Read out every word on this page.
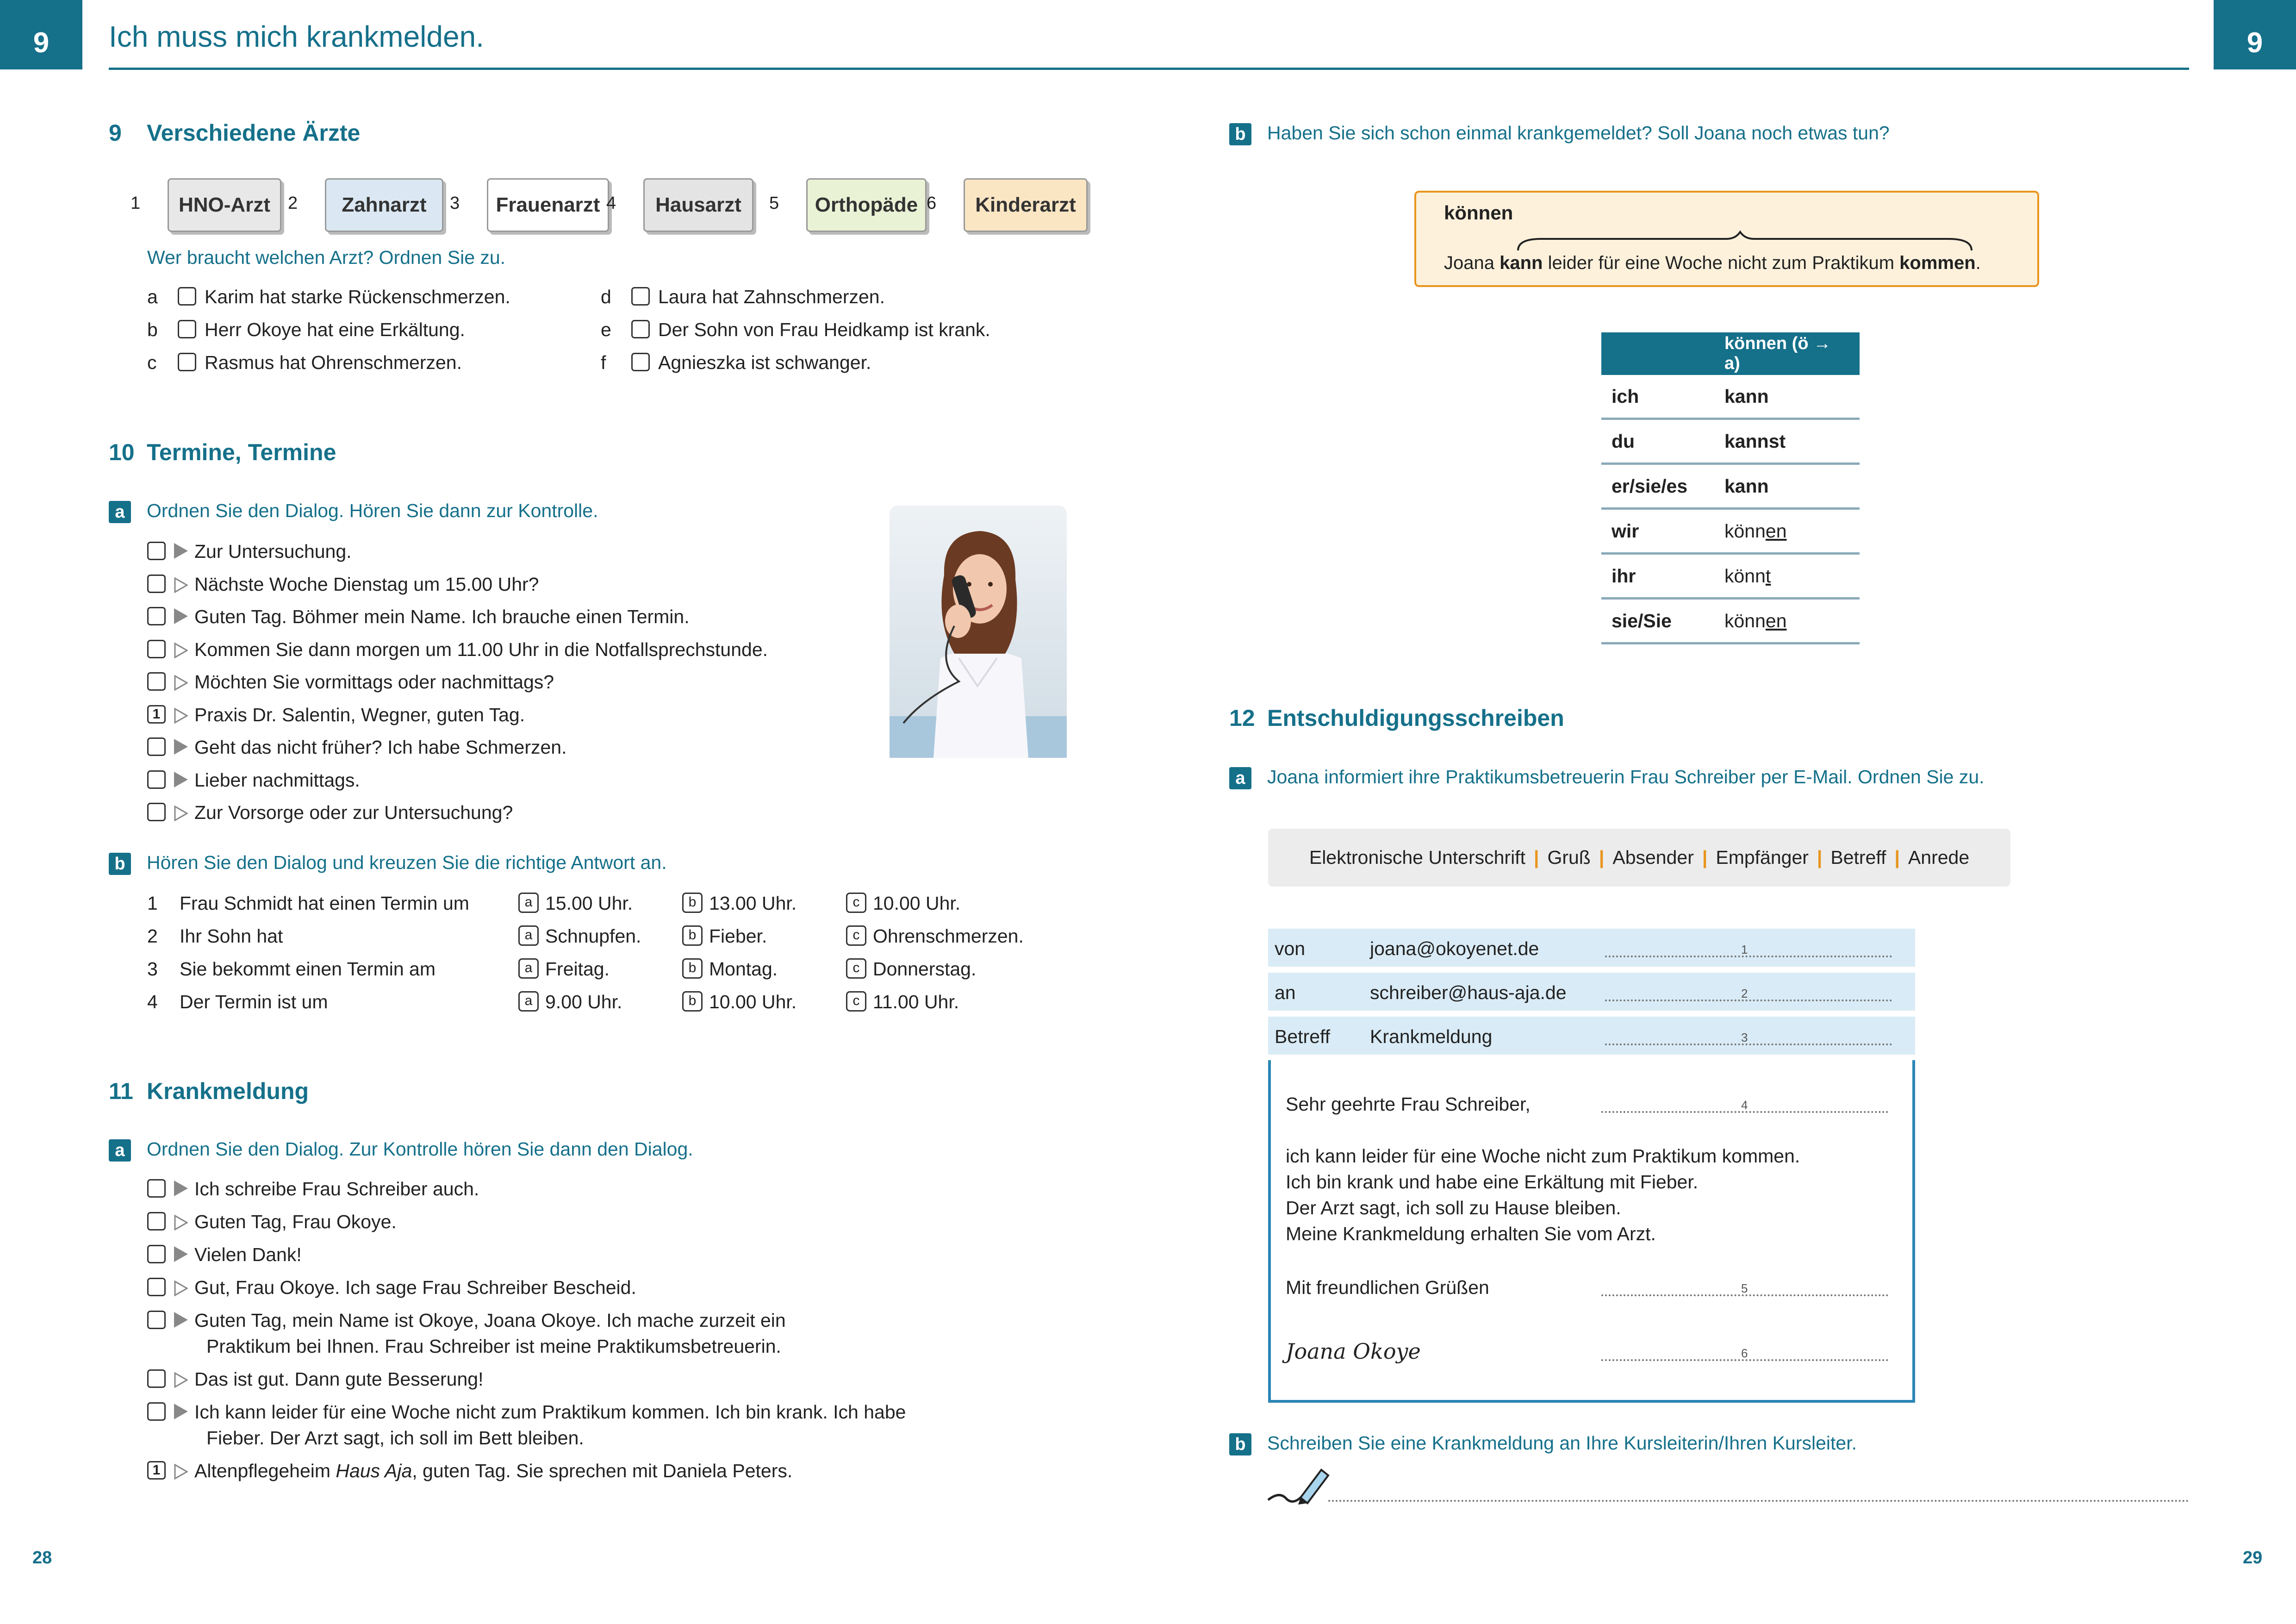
9	9
Ich muss mich krankmelden.
9 Verschiedene Ärzte
1	HNO-Arzt	2	Zahnarzt	3	Frauenarzt 4	Hausarzt	5	Orthopäde 6	Kinderarzt
Wer braucht welchen Arzt? Ordnen Sie zu.
a Karim hat starke Rückenschmerzen.
b Herr Okoye hat eine Erkältung.
c	Rasmus hat Ohrenschmerzen.
d Laura hat Zahnschmerzen.
e Der Sohn von Frau Heidkamp ist krank.
f	Agnieszka ist schwanger.
10 Termine, Termine
a Ordnen Sie den Dialog. Hören Sie dann zur Kontrolle.
Zur Untersuchung.
Nächste Woche Dienstag um 15.00 Uhr?
Guten Tag. Böhmer mein Name. Ich brauche einen Termin.
Kommen Sie dann morgen um 11.00 Uhr in die Notfallsprechstunde.
Möchten Sie vormittags oder nachmittags?
1 Praxis Dr. Salentin, Wegner, guten Tag.
Geht das nicht früher? Ich habe Schmerzen.
Lieber nachmittags.
Zur Vorsorge oder zur Untersuchung?
b Hören Sie den Dialog und kreuzen Sie die richtige Antwort an.
1 Frau Schmidt hat einen Termin um	a 15.00 Uhr.	b 13.00 Uhr.	c 10.00 Uhr.
2 Ihr Sohn hat	a Schnupfen.	b Fieber.	c Ohrenschmerzen.
3 Sie bekommt einen Termin am	a Freitag.	b Montag.	c Donnerstag.
4 Der Termin ist um	a 9.00 Uhr.	b 10.00 Uhr.	c 11.00 Uhr.
11 Krankmeldung
a Ordnen Sie den Dialog. Zur Kontrolle hören Sie dann den Dialog.
Ich schreibe Frau Schreiber auch.
Guten Tag, Frau Okoye.
Vielen Dank!
Gut, Frau Okoye. Ich sage Frau Schreiber Bescheid.
Guten Tag, mein Name ist Okoye, Joana Okoye. Ich mache zurzeit ein
Praktikum bei Ihnen. Frau Schreiber ist meine Praktikumsbetreuerin.
Das ist gut. Dann gute Besserung!
Ich kann leider für eine Woche nicht zum Praktikum kommen. Ich bin krank. Ich habe
Fieber. Der Arzt sagt, ich soll im Bett bleiben.
1 Altenpflegeheim Haus Aja, guten Tag. Sie sprechen mit Daniela Peters.
28
b Haben Sie sich schon einmal krankgemeldet? Soll Joana noch etwas tun?
können
Joana kann leider für eine Woche nicht zum Praktikum kommen.
	können (ö → a)
ich	kann
du	kannst
er/sie/es	kann
wir	können
ihr	könnt
sie/Sie	können
12 Entschuldigungsschreiben
a Joana informiert ihre Praktikumsbetreuerin Frau Schreiber per E-Mail. Ordnen Sie zu.
Elektronische Unterschrift | Gruß | Absender | Empfänger | Betreff | Anrede
von	joana@okoyenet.de	1
an	schreiber@haus-aja.de	2
Betreff Krankmeldung	3
Sehr geehrte Frau Schreiber,	4
ich kann leider für eine Woche nicht zum Praktikum kommen.
Ich bin krank und habe eine Erkältung mit Fieber.
Der Arzt sagt, ich soll zu Hause bleiben.
Meine Krankmeldung erhalten Sie vom Arzt.
Mit freundlichen Grüßen	5
Joana Okoye	6
b Schreiben Sie eine Krankmeldung an Ihre Kursleiterin/Ihren Kursleiter.
29
